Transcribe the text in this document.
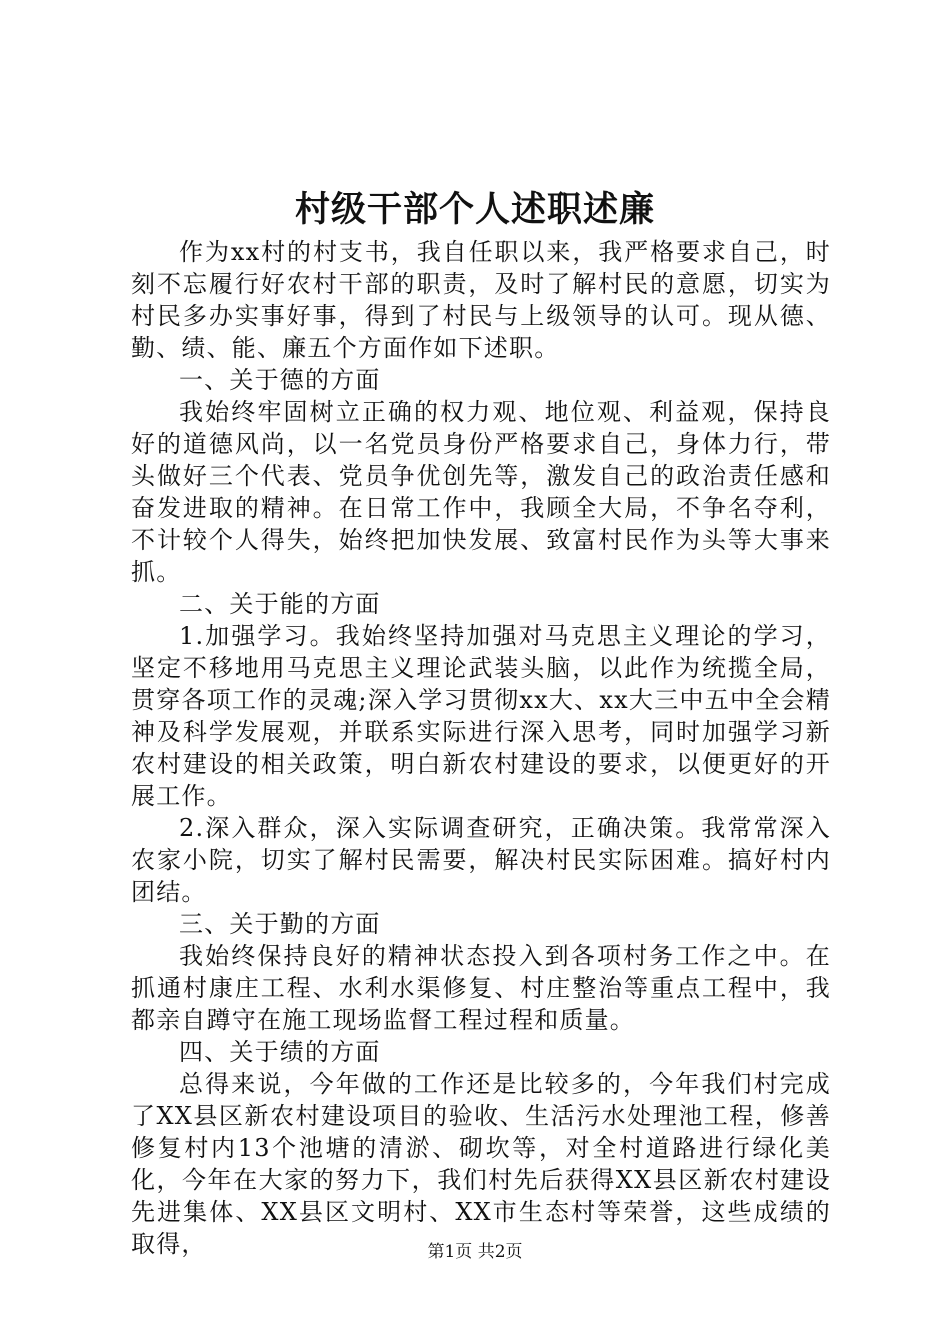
村级干部个人述职述廉

作为xx村的村支书，我自任职以来，我严格要求自己，时刻不忘履行好农村干部的职责，及时了解村民的意愿，切实为村民多办实事好事，得到了村民与上级领导的认可。现从德、勤、绩、能、廉五个方面作如下述职。

一、关于德的方面

我始终牢固树立正确的权力观、地位观、利益观，保持良好的道德风尚，以一名党员身份严格要求自己，身体力行，带头做好三个代表、党员争优创先等，激发自己的政治责任感和奋发进取的精神。在日常工作中，我顾全大局，不争名夺利，不计较个人得失，始终把加快发展、致富村民作为头等大事来抓。

二、关于能的方面

1.加强学习。我始终坚持加强对马克思主义理论的学习，坚定不移地用马克思主义理论武装头脑，以此作为统揽全局，贯穿各项工作的灵魂;深入学习贯彻xx大、xx大三中五中全会精神及科学发展观，并联系实际进行深入思考，同时加强学习新农村建设的相关政策，明白新农村建设的要求，以便更好的开展工作。

2.深入群众，深入实际调查研究，正确决策。我常常深入农家小院，切实了解村民需要，解决村民实际困难。搞好村内团结。

三、关于勤的方面

我始终保持良好的精神状态投入到各项村务工作之中。在抓通村康庄工程、水利水渠修复、村庄整治等重点工程中，我都亲自蹲守在施工现场监督工程过程和质量。

四、关于绩的方面

总得来说，今年做的工作还是比较多的，今年我们村完成了XX县区新农村建设项目的验收、生活污水处理池工程，修善修复村内13个池塘的清淤、砌坎等，对全村道路进行绿化美化，今年在大家的努力下，我们村先后获得XX县区新农村建设先进集体、XX县区文明村、XX市生态村等荣誉，这些成绩的取得，	第1页 共2页
